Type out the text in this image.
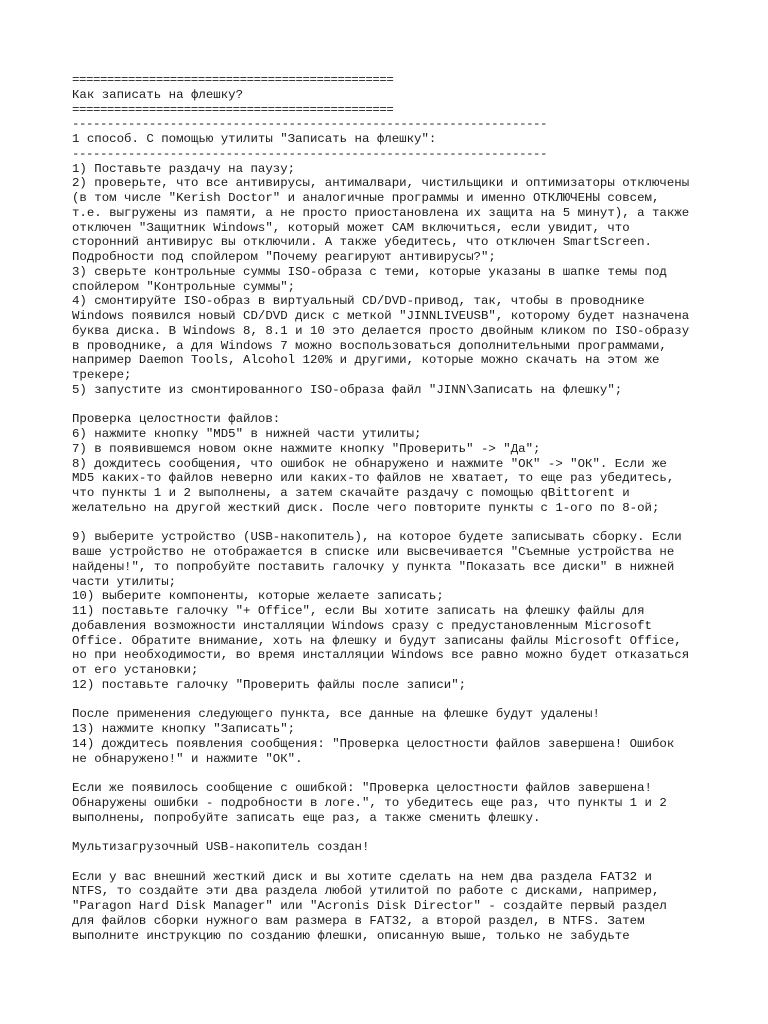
==============================================
Как записать на флешку?
==============================================
--------------------------------------------------------------------
1 способ. С помощью утилиты "Записать на флешку":
--------------------------------------------------------------------
1) Поставьте раздачу на паузу;
2) проверьте, что все антивирусы, антималвари, чистильщики и оптимизаторы отключены
(в том числе "Kerish Doctor" и аналогичные программы и именно ОТКЛЮЧЕНЫ совсем,
т.е. выгружены из памяти, а не просто приостановлена их защита на 5 минут), а также
отключен "Защитник Windows", который может САМ включиться, если увидит, что
сторонний антивирус вы отключили. А также убедитесь, что отключен SmartScreen.
Подробности под спойлером "Почему реагируют антивирусы?";
3) сверьте контрольные суммы ISO-образа с теми, которые указаны в шапке темы под
спойлером "Контрольные суммы";
4) смонтируйте ISO-образ в виртуальный CD/DVD-привод, так, чтобы в проводнике
Windows появился новый CD/DVD диск с меткой "JINNLIVEUSB", которому будет назначена
буква диска. В Windows 8, 8.1 и 10 это делается просто двойным кликом по ISO-образу
в проводнике, а для Windows 7 можно воспользоваться дополнительными программами,
например Daemon Tools, Alcohol 120% и другими, которые можно скачать на этом же
трекере;
5) запустите из смонтированного ISO-образа файл "JINN\Записать на флешку";
Проверка целостности файлов:
6) нажмите кнопку "MD5" в нижней части утилиты;
7) в появившемся новом окне нажмите кнопку "Проверить" -> "Да";
8) дождитесь сообщения, что ошибок не обнаружено и нажмите "ОК" -> "ОК". Если же
MD5 каких-то файлов неверно или каких-то файлов не хватает, то еще раз убедитесь,
что пункты 1 и 2 выполнены, а затем скачайте раздачу с помощью qBittorent и
желательно на другой жесткий диск. После чего повторите пункты с 1-ого по 8-ой;
9) выберите устройство (USB-накопитель), на которое будете записывать сборку. Если
ваше устройство не отображается в списке или высвечивается "Съемные устройства не
найдены!", то попробуйте поставить галочку у пункта "Показать все диски" в нижней
части утилиты;
10) выберите компоненты, которые желаете записать;
11) поставьте галочку "+ Office", если Вы хотите записать на флешку файлы для
добавления возможности инсталляции Windows сразу с предустановленным Microsoft
Office. Обратите внимание, хоть на флешку и будут записаны файлы Microsoft Office,
но при необходимости, во время инсталляции Windows все равно можно будет отказаться
от его установки;
12) поставьте галочку "Проверить файлы после записи";
После применения следующего пункта, все данные на флешке будут удалены!
13) нажмите кнопку "Записать";
14) дождитесь появления сообщения: "Проверка целостности файлов завершена! Ошибок
не обнаружено!" и нажмите "ОК".
Если же появилось сообщение с ошибкой: "Проверка целостности файлов завершена!
Обнаружены ошибки - подробности в логе.", то убедитесь еще раз, что пункты 1 и 2
выполнены, попробуйте записать еще раз, а также сменить флешку.
Мультизагрузочный USB-накопитель создан!
Если у вас внешний жесткий диск и вы хотите сделать на нем два раздела FAT32 и
NTFS, то создайте эти два раздела любой утилитой по работе с дисками, например,
"Paragon Hard Disk Manager" или "Acronis Disk Director" - создайте первый раздел
для файлов сборки нужного вам размера в FAT32, а второй раздел, в NTFS. Затем
выполните инструкцию по созданию флешки, описанную выше, только не забудьте
